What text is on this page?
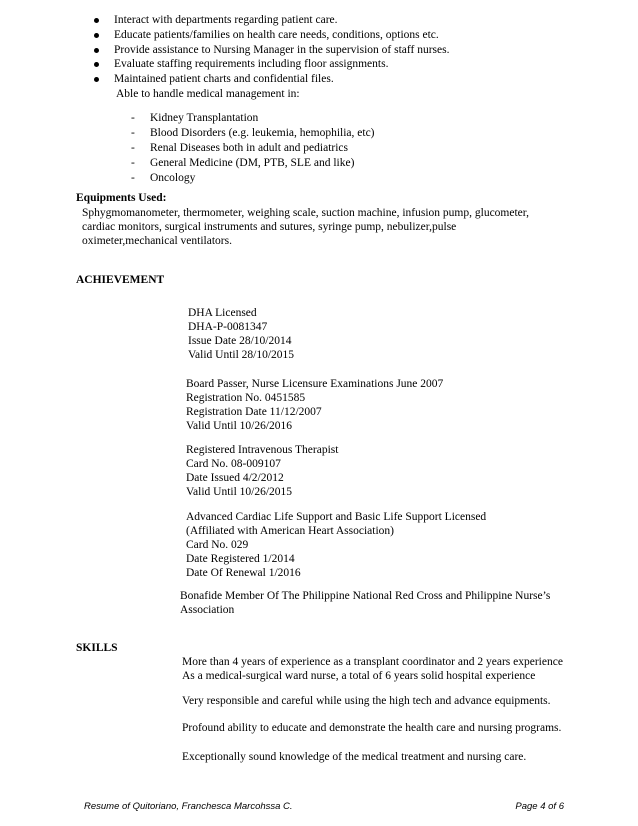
Interact with departments regarding patient care.
Educate patients/families on health care needs, conditions, options etc.
Provide assistance to Nursing Manager in the supervision of staff nurses.
Evaluate staffing requirements including floor assignments.
Maintained patient charts and confidential files.
Able to handle medical management in:
- Kidney Transplantation
- Blood Disorders (e.g. leukemia, hemophilia, etc)
- Renal Diseases both in adult and pediatrics
- General Medicine (DM, PTB, SLE and like)
- Oncology
Equipments Used:
Sphygmomanometer, thermometer, weighing scale, suction machine, infusion pump, glucometer,
cardiac monitors, surgical instruments and sutures, syringe pump, nebulizer,pulse
oximeter,mechanical ventilators.
ACHIEVEMENT
DHA Licensed
DHA-P-0081347
Issue Date 28/10/2014
Valid Until 28/10/2015
Board Passer, Nurse Licensure Examinations June 2007
Registration No. 0451585
Registration Date 11/12/2007
Valid Until 10/26/2016
Registered Intravenous Therapist
Card No. 08-009107
Date Issued 4/2/2012
Valid Until 10/26/2015
Advanced Cardiac Life Support and Basic Life Support Licensed
(Affiliated with American Heart Association)
Card No. 029
Date Registered 1/2014
Date Of Renewal 1/2016
Bonafide Member Of The Philippine National Red Cross and Philippine Nurse’s
Association
SKILLS
More than 4 years of experience as a transplant coordinator and 2 years experience
As a medical-surgical ward nurse, a total of 6 years solid hospital experience
Very responsible and careful while using the high tech and advance equipments.
Profound ability to educate and demonstrate the health care and nursing programs.
Exceptionally sound knowledge of the medical treatment and nursing care.
Resume of Quitoriano, Franchesca Marcohssa C.	Page 4 of 6
